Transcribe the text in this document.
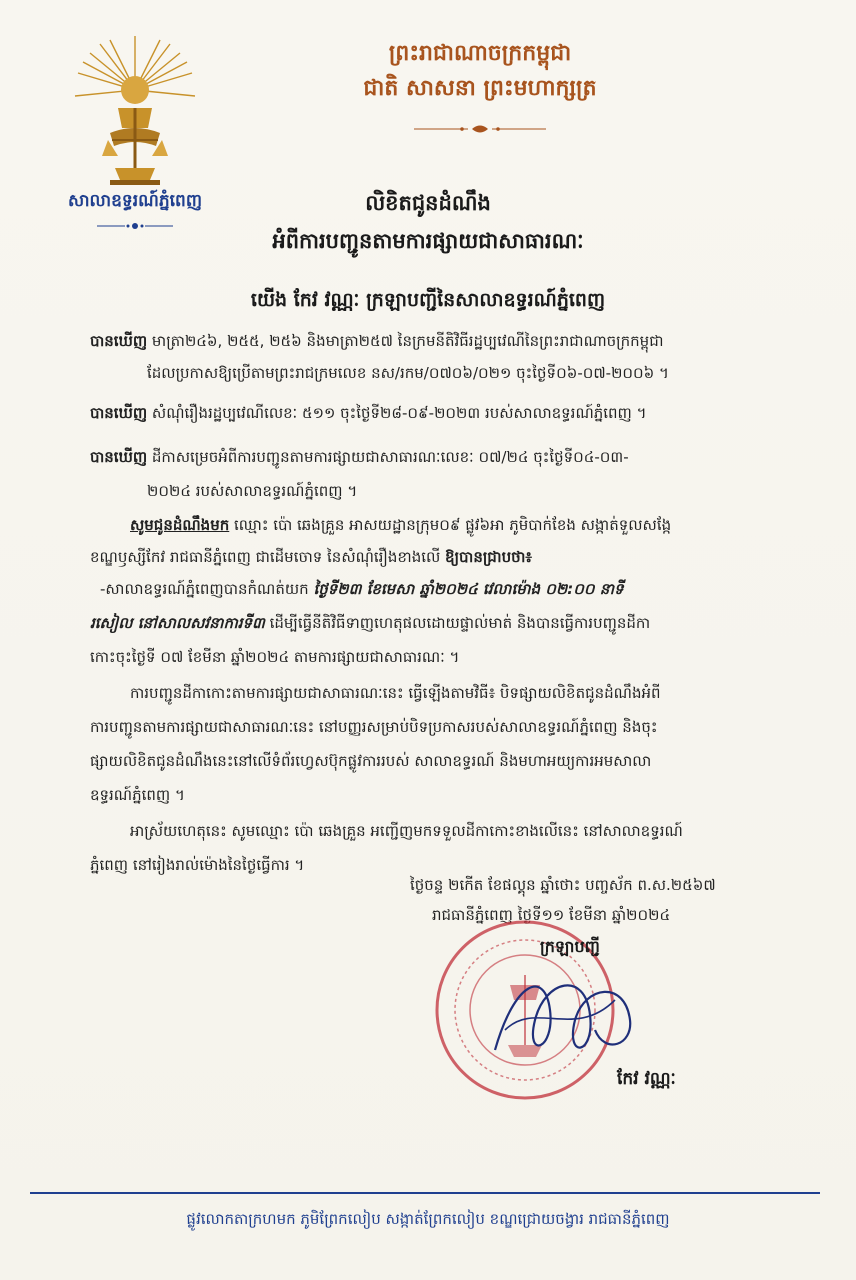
សាលាឧទ្ធរណ៍ភ្នំពេញ
ព្រះរាជាណាចក្រកម្ពុជា
ជាតិ សាសនា ព្រះមហាក្សត្រ
លិខិតជូនដំណឹង
អំពីការបញ្ជូនតាមការផ្សាយជាសាធារណៈ
យើង កែវ វណ្ណៈ ក្រឡាបញ្ជីនៃសាលាឧទ្ធរណ៍ភ្នំពេញ
បានឃើញ មាត្រា២៤៦, ២៥៥, ២៥៦ និងមាត្រា២៥៧ នៃក្រមនីតិវិធីរដ្ឋប្បវេណីនៃព្រះរាជាណាចក្រកម្ពុជា
ដែលប្រកាសឱ្យប្រើតាមព្រះរាជក្រមលេខ នស/រកម/០៧០៦/០២១ ចុះថ្ងៃទី០៦-០៧-២០០៦ ។
បានឃើញ សំណុំរឿងរដ្ឋប្បវេណីលេខៈ ៥១១ ចុះថ្ងៃទី២៨-០៩-២០២៣ របស់សាលាឧទ្ធរណ៍ភ្នំពេញ ។
បានឃើញ ដីកាសម្រេចអំពីការបញ្ជូនតាមការផ្សាយជាសាធារណៈលេខៈ ០៧/២៤ ចុះថ្ងៃទី០៤-០៣-
២០២៤ របស់សាលាឧទ្ធរណ៍ភ្នំពេញ ។
សូមជូនដំណឹងមក ឈ្មោះ ប៉ោ ឆេងគ្រួន អាសយដ្ឋានក្រុម០៩ ផ្លូវ៦អា ភូមិបាក់ខែង សង្កាត់ទួលសង្កែ
ខណ្ឌឫស្សីកែវ រាជធានីភ្នំពេញ ជាដើមចោទ នៃសំណុំរឿងខាងលើ ឱ្យបានជ្រាបថា៖
-សាលាឧទ្ធរណ៍ភ្នំពេញបានកំណត់យក ថ្ងៃទី២៣ ខែមេសា ឆ្នាំ២០២៤ វេលាម៉ោង ០២:០០ នាទី
រសៀល នៅសាលសវនាការទី៣ ដើម្បីធ្វើនីតិវិធីទាញហេតុផលដោយផ្ទាល់មាត់ និងបានធ្វើការបញ្ជូនដីកា
កោះចុះថ្ងៃទី ០៧ ខែមីនា ឆ្នាំ២០២៤ តាមការផ្សាយជាសាធារណៈ ។
ការបញ្ជូនដីកាកោះតាមការផ្សាយជាសាធារណៈនេះ ធ្វើឡើងតាមវិធី៖ បិទផ្សាយលិខិតជូនដំណឹងអំពី
ការបញ្ជូនតាមការផ្សាយជាសាធារណៈនេះ នៅបញ្ញរសម្រាប់បិទប្រកាសរបស់សាលាឧទ្ធរណ៍ភ្នំពេញ និងចុះ
ផ្សាយលិខិតជូនដំណឹងនេះនៅលើទំព័រហ្វេសប៊ុកផ្លូវការរបស់ សាលាឧទ្ធរណ៍ និងមហាអយ្យការអមសាលា
ឧទ្ធរណ៍ភ្នំពេញ ។
អាស្រ័យហេតុនេះ សូមឈ្មោះ ប៉ោ ឆេងគ្រួន អញ្ជើញមកទទួលដីកាកោះខាងលើនេះ នៅសាលាឧទ្ធរណ៍
ភ្នំពេញ នៅរៀងរាល់ម៉ោងនៃថ្ងៃធ្វើការ ។
ថ្ងៃចន្ទ ២កើត ខែផល្គុន ឆ្នាំថោះ បញ្ចស័ក ព.ស.២៥៦៧
រាជធានីភ្នំពេញ ថ្ងៃទី១១ ខែមីនា ឆ្នាំ២០២៤
ក្រឡាបញ្ជី
កែវ វណ្ណៈ
ផ្លូវលោកតាក្រហមក ភូមិព្រែកលៀប សង្កាត់ព្រែកលៀប ខណ្ឌជ្រោយចង្វារ រាជធានីភ្នំពេញ
